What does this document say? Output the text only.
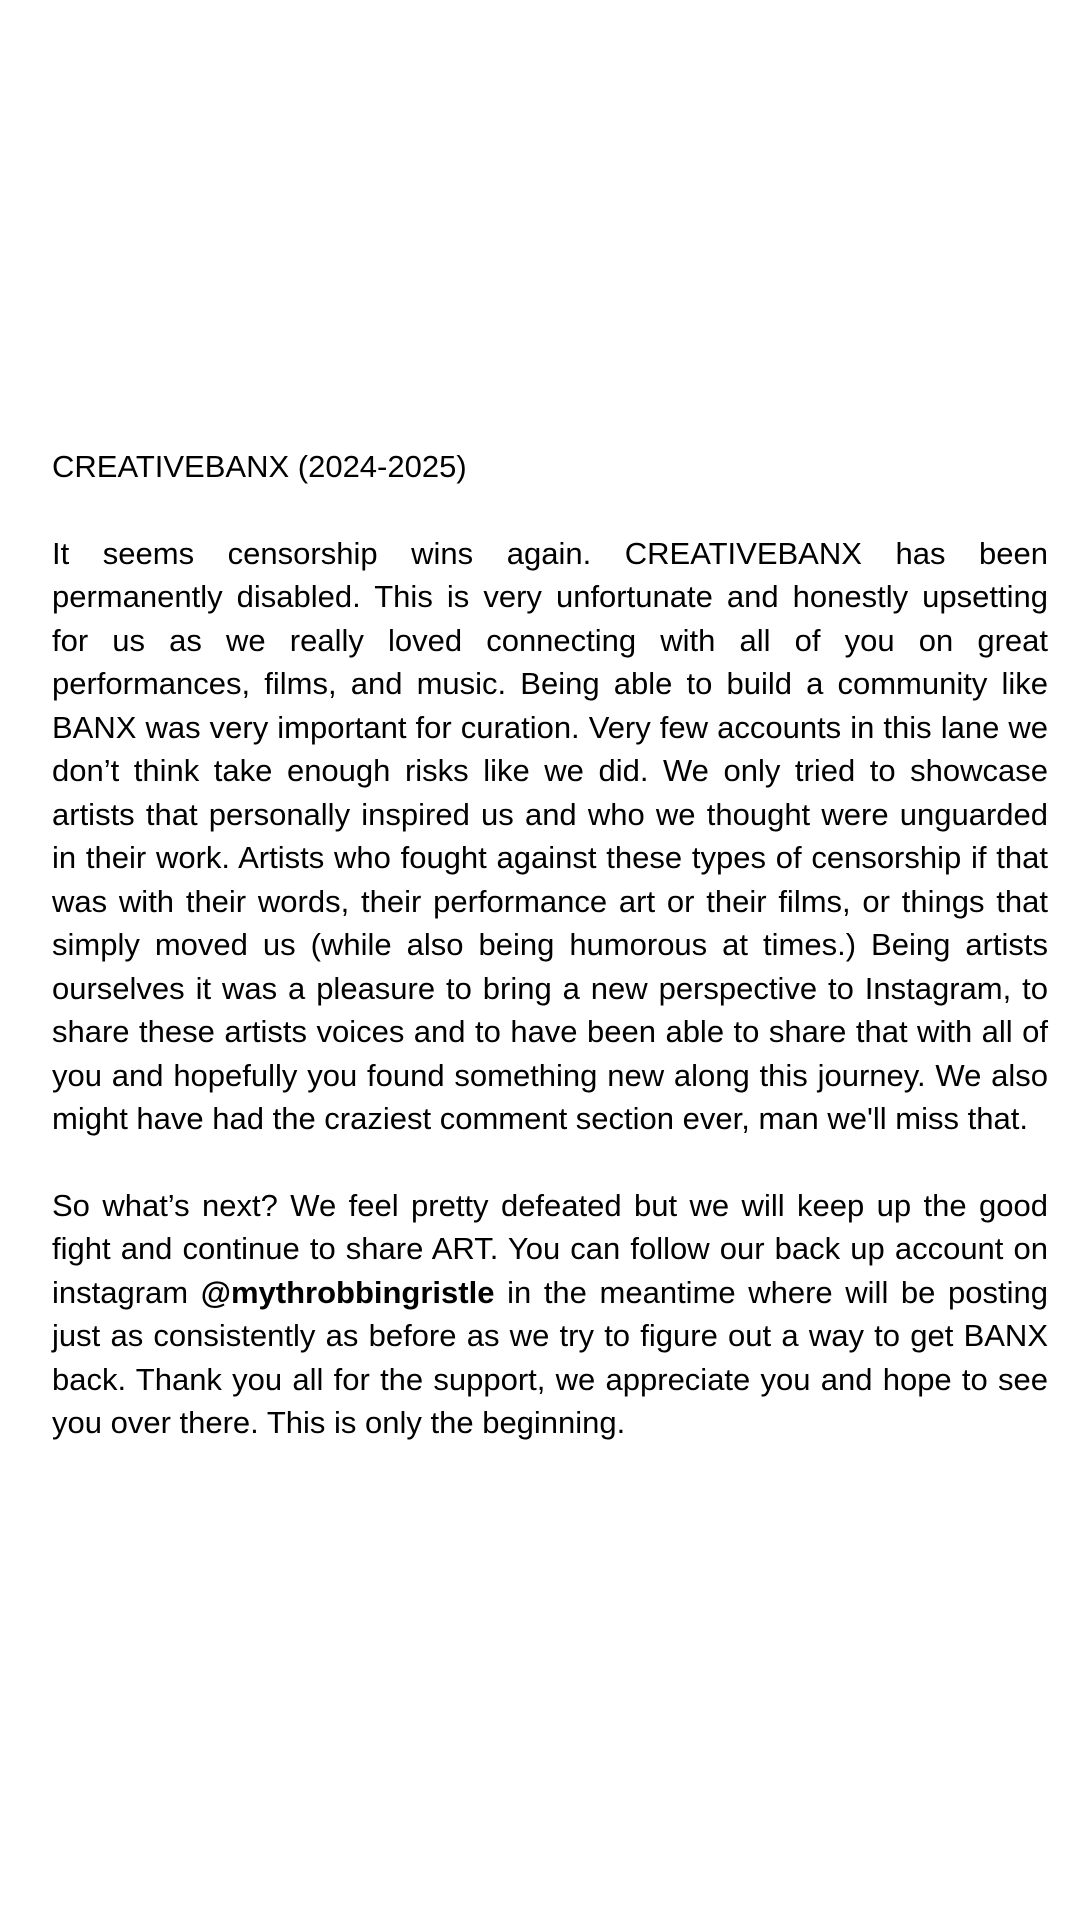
CREATIVEBANX (2024-2025)

It seems censorship wins again. CREATIVEBANX has been permanently disabled. This is very unfortunate and honestly upsetting for us as we really loved connecting with all of you on great performances, films, and music. Being able to build a community like BANX was very important for curation. Very few accounts in this lane we don’t think take enough risks like we did. We only tried to showcase artists that personally inspired us and who we thought were unguarded in their work. Artists who fought against these types of censorship if that was with their words, their performance art or their films, or things that simply moved us (while also being humorous at times.) Being artists ourselves it was a pleasure to bring a new perspective to Instagram, to share these artists voices and to have been able to share that with all of you and hopefully you found something new along this journey. We also might have had the craziest comment section ever, man we'll miss that.

So what’s next? We feel pretty defeated but we will keep up the good fight and continue to share ART. You can follow our back up account on instagram @mythrobbingristle in the meantime where will be posting just as consistently as before as we try to figure out a way to get BANX back. Thank you all for the support, we appreciate you and hope to see you over there. This is only the beginning.
